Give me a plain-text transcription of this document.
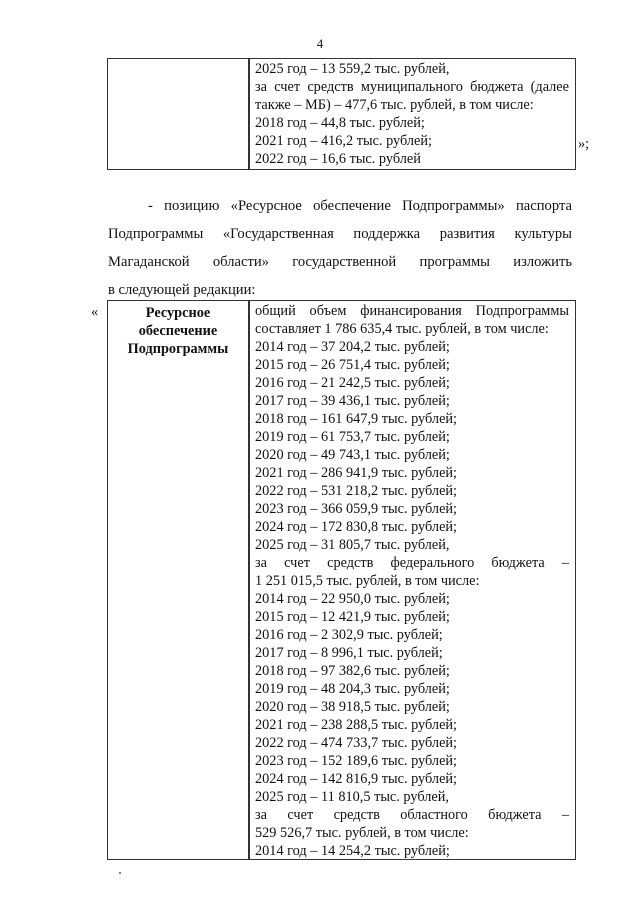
4
2025 год – 13 559,2 тыс. рублей,
за счет средств муниципального бюджета (далее
также – МБ) – 477,6 тыс. рублей, в том числе:
2018 год – 44,8 тыс. рублей;
2021 год – 416,2 тыс. рублей;
2022 год – 16,6 тыс. рублей
»;
- позицию «Ресурсное обеспечение Подпрограммы» паспорта
Подпрограммы «Государственная поддержка развития культуры
Магаданской области» государственной программы изложить
в следующей редакции:
«	Ресурсное
обеспечение
Подпрограммы
общий объем финансирования Подпрограммы
составляет 1 786 635,4 тыс. рублей, в том числе:
2014 год – 37 204,2 тыс. рублей;
2015 год – 26 751,4 тыс. рублей;
2016 год – 21 242,5 тыс. рублей;
2017 год – 39 436,1 тыс. рублей;
2018 год – 161 647,9 тыс. рублей;
2019 год – 61 753,7 тыс. рублей;
2020 год – 49 743,1 тыс. рублей;
2021 год – 286 941,9 тыс. рублей;
2022 год – 531 218,2 тыс. рублей;
2023 год – 366 059,9 тыс. рублей;
2024 год – 172 830,8 тыс. рублей;
2025 год – 31 805,7 тыс. рублей,
за счет средств федерального бюджета –
1 251 015,5 тыс. рублей, в том числе:
2014 год – 22 950,0 тыс. рублей;
2015 год – 12 421,9 тыс. рублей;
2016 год – 2 302,9 тыс. рублей;
2017 год – 8 996,1 тыс. рублей;
2018 год – 97 382,6 тыс. рублей;
2019 год – 48 204,3 тыс. рублей;
2020 год – 38 918,5 тыс. рублей;
2021 год – 238 288,5 тыс. рублей;
2022 год – 474 733,7 тыс. рублей;
2023 год – 152 189,6 тыс. рублей;
2024 год – 142 816,9 тыс. рублей;
2025 год – 11 810,5 тыс. рублей,
за счет средств областного бюджета –
529 526,7 тыс. рублей, в том числе:
2014 год – 14 254,2 тыс. рублей;
